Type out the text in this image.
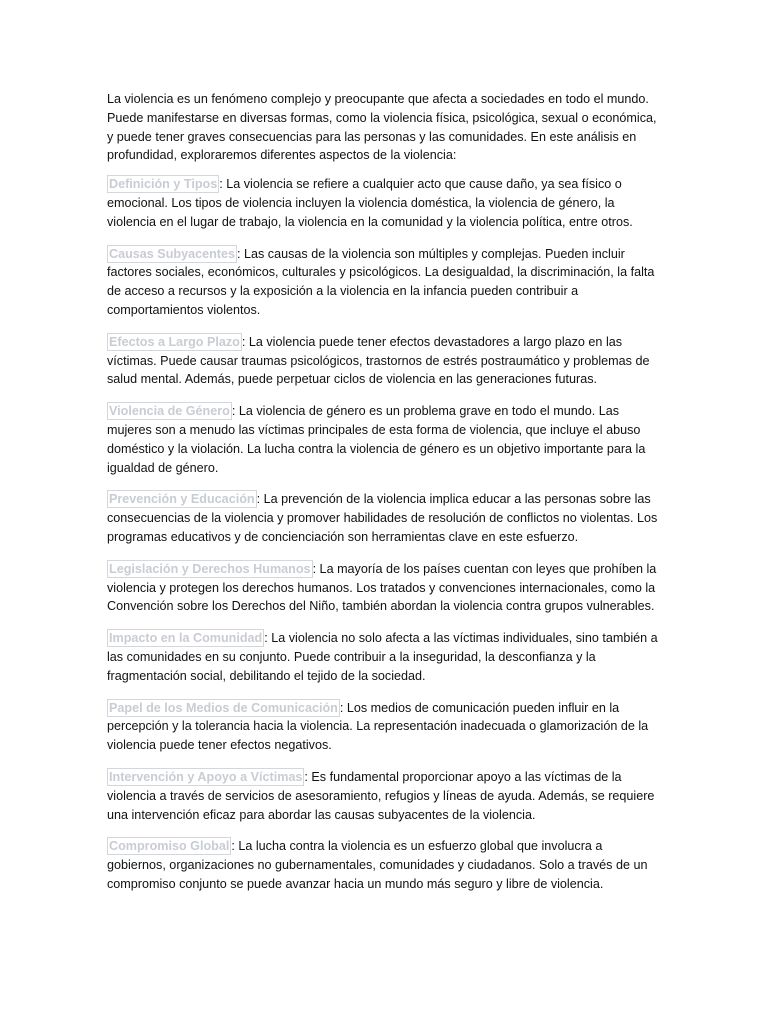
La violencia es un fenómeno complejo y preocupante que afecta a sociedades en todo el mundo. Puede manifestarse en diversas formas, como la violencia física, psicológica, sexual o económica, y puede tener graves consecuencias para las personas y las comunidades. En este análisis en profundidad, exploraremos diferentes aspectos de la violencia:

Definición y Tipos : La violencia se refiere a cualquier acto que cause daño, ya sea físico o emocional. Los tipos de violencia incluyen la violencia doméstica, la violencia de género, la violencia en el lugar de trabajo, la violencia en la comunidad y la violencia política, entre otros.

Causas Subyacentes : Las causas de la violencia son múltiples y complejas. Pueden incluir factores sociales, económicos, culturales y psicológicos. La desigualdad, la discriminación, la falta de acceso a recursos y la exposición a la violencia en la infancia pueden contribuir a comportamientos violentos.

Efectos a Largo Plazo : La violencia puede tener efectos devastadores a largo plazo en las víctimas. Puede causar traumas psicológicos, trastornos de estrés postraumático y problemas de salud mental. Además, puede perpetuar ciclos de violencia en las generaciones futuras.

Violencia de Género : La violencia de género es un problema grave en todo el mundo. Las mujeres son a menudo las víctimas principales de esta forma de violencia, que incluye el abuso doméstico y la violación. La lucha contra la violencia de género es un objetivo importante para la igualdad de género.

Prevención y Educación : La prevención de la violencia implica educar a las personas sobre las consecuencias de la violencia y promover habilidades de resolución de conflictos no violentas. Los programas educativos y de concienciación son herramientas clave en este esfuerzo.

Legislación y Derechos Humanos : La mayoría de los países cuentan con leyes que prohíben la violencia y protegen los derechos humanos. Los tratados y convenciones internacionales, como la Convención sobre los Derechos del Niño, también abordan la violencia contra grupos vulnerables.

Impacto en la Comunidad : La violencia no solo afecta a las víctimas individuales, sino también a las comunidades en su conjunto. Puede contribuir a la inseguridad, la desconfianza y la fragmentación social, debilitando el tejido de la sociedad.

Papel de los Medios de Comunicación : Los medios de comunicación pueden influir en la percepción y la tolerancia hacia la violencia. La representación inadecuada o glamorización de la violencia puede tener efectos negativos.

Intervención y Apoyo a Víctimas : Es fundamental proporcionar apoyo a las víctimas de la violencia a través de servicios de asesoramiento, refugios y líneas de ayuda. Además, se requiere una intervención eficaz para abordar las causas subyacentes de la violencia.

Compromiso Global : La lucha contra la violencia es un esfuerzo global que involucra a gobiernos, organizaciones no gubernamentales, comunidades y ciudadanos. Solo a través de un compromiso conjunto se puede avanzar hacia un mundo más seguro y libre de violencia.
